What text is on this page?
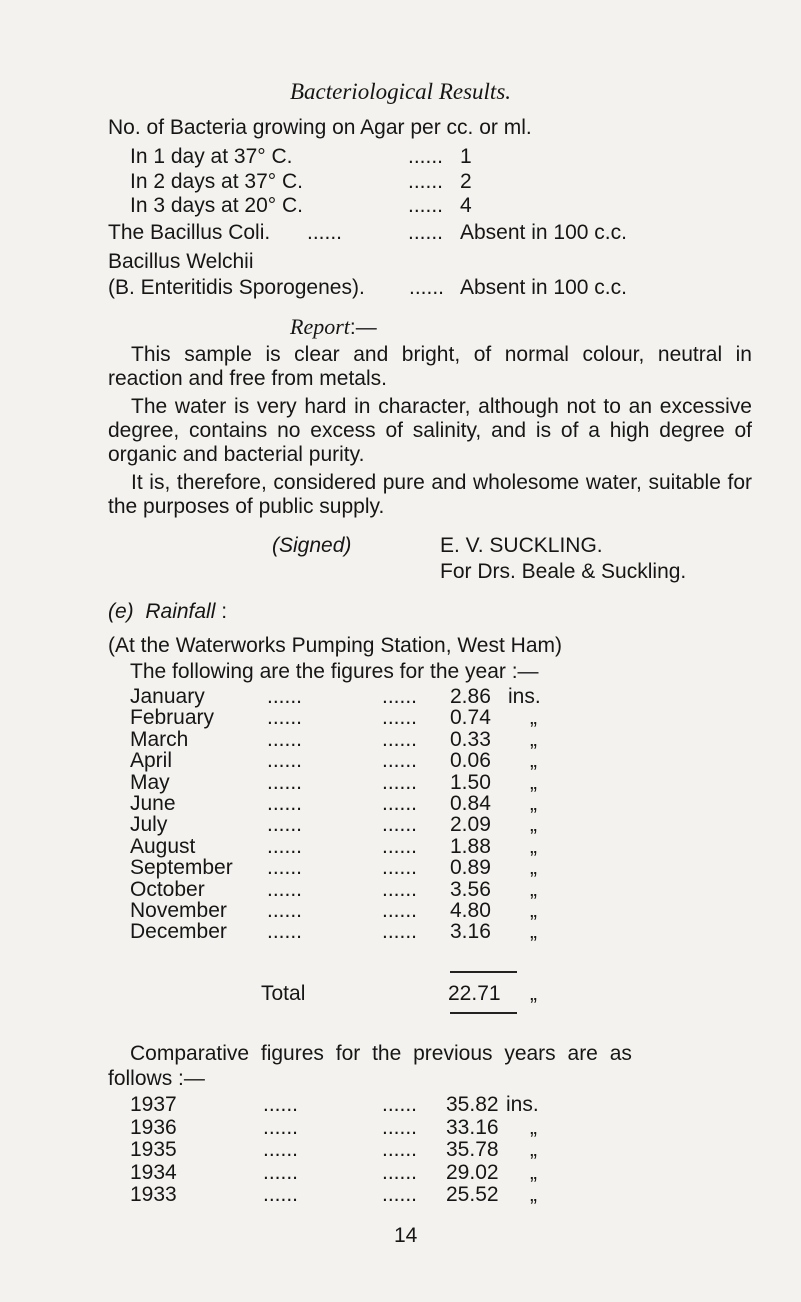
Bacteriological Results.
No. of Bacteria growing on Agar per cc. or ml.
In 1 day at 37° C.	...... 1
In 2 days at 37° C.	...... 2
In 3 days at 20° C.	...... 4
The Bacillus Coli. ......	...... Absent in 100 c.c.
Bacillus Welchii
(B. Enteritidis Sporogenes). ...... Absent in 100 c.c.
Report:—
This sample is clear and bright, of normal colour, neutral in reaction and free from metals.
The water is very hard in character, although not to an excessive degree, contains no excess of salinity, and is of a high degree of organic and bacterial purity.
It is, therefore, considered pure and wholesome water, suitable for the purposes of public supply.
(Signed)	E. V. SUCKLING.
For Drs. Beale & Suckling.
(e) Rainfall :
(At the Waterworks Pumping Station, West Ham)
The following are the figures for the year :—
January	......	...... 2.86 ins.
February	......	...... 0.74 „
March	......	...... 0.33 „
April	......	...... 0.06 „
May	......	...... 1.50 „
June	......	...... 0.84 „
July	......	...... 2.09 „
August	......	...... 1.88 „
September ......	...... 0.89 „
October	......	...... 3.56 „
November ......	...... 4.80 „
December ......	...... 3.16 „
Total	22.71 „
Comparative figures for the previous years are as
follows :—
1937	......	...... 35.82 ins.
1936	......	...... 33.16 „
1935	......	...... 35.78 „
1934	......	...... 29.02 „
1933	......	...... 25.52 „
14
